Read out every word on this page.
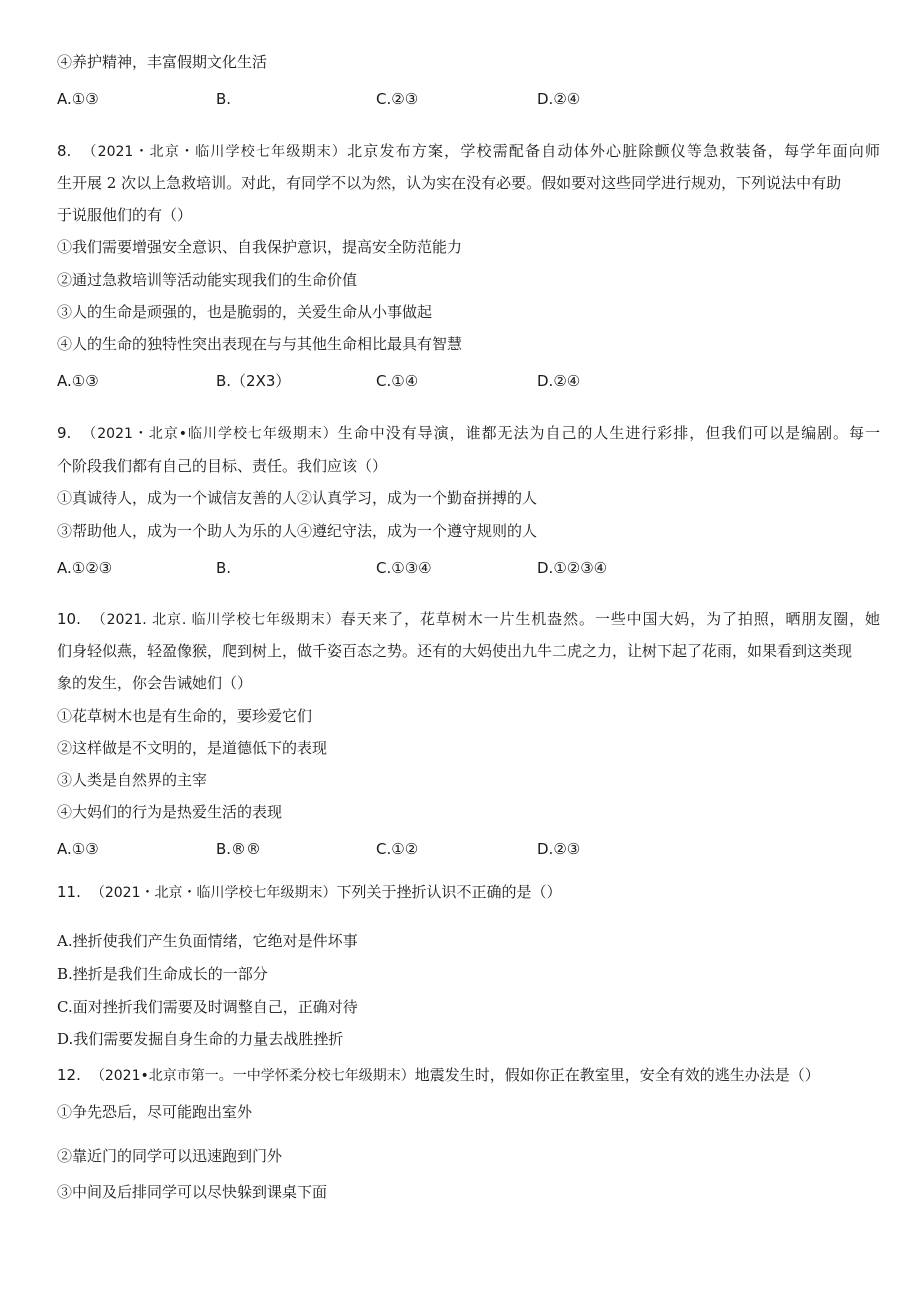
④养护精神，丰富假期文化生活
A.①③	B.	C.②③	D.②④
8. （2021・北京・临川学校七年级期末）北京发布方案，学校需配备自动体外心脏除颤仪等急救装备，每学年面向师
生开展 2 次以上急救培训。对此，有同学不以为然，认为实在没有必要。假如要对这些同学进行规劝，下列说法中有助
于说服他们的有（）
①我们需要增强安全意识、自我保护意识，提高安全防范能力
②通过急救培训等活动能实现我们的生命价值
③人的生命是顽强的，也是脆弱的，关爱生命从小事做起
④人的生命的独特性突出表现在与与其他生命相比最具有智慧
A.①③	B.（2X3）	C.①④	D.②④
9. （2021・北京•临川学校七年级期末）生命中没有导演，谁都无法为自己的人生进行彩排，但我们可以是编剧。每一
个阶段我们都有自己的目标、责任。我们应该（）
①真诚待人，成为一个诚信友善的人②认真学习，成为一个勤奋拼搏的人
③帮助他人，成为一个助人为乐的人④遵纪守法，成为一个遵守规则的人
A.①②③	B.	C.①③④	D.①②③④
10. （2021. 北京. 临川学校七年级期末）春天来了，花草树木一片生机盎然。一些中国大妈，为了拍照，晒朋友圈，她
们身轻似燕，轻盈像猴，爬到树上，做千姿百态之势。还有的大妈使出九牛二虎之力，让树下起了花雨，如果看到这类现
象的发生，你会告诫她们（）
①花草树木也是有生命的，要珍爱它们
②这样做是不文明的，是道德低下的表现
③人类是自然界的主宰
④大妈们的行为是热爱生活的表现
A.①③	B.®®	C.①②	D.②③
11. （2021・北京・临川学校七年级期末）下列关于挫折认识不正确的是（）
A.挫折使我们产生负面情绪，它绝对是件坏事
B.挫折是我们生命成长的一部分
C.面对挫折我们需要及时调整自己，正确对待
D.我们需要发掘自身生命的力量去战胜挫折
12. （2021•北京市第一。一中学怀柔分校七年级期末）地震发生时，假如你正在教室里，安全有效的逃生办法是（）
①争先恐后，尽可能跑出室外
②靠近门的同学可以迅速跑到门外
③中间及后排同学可以尽快躲到课桌下面
